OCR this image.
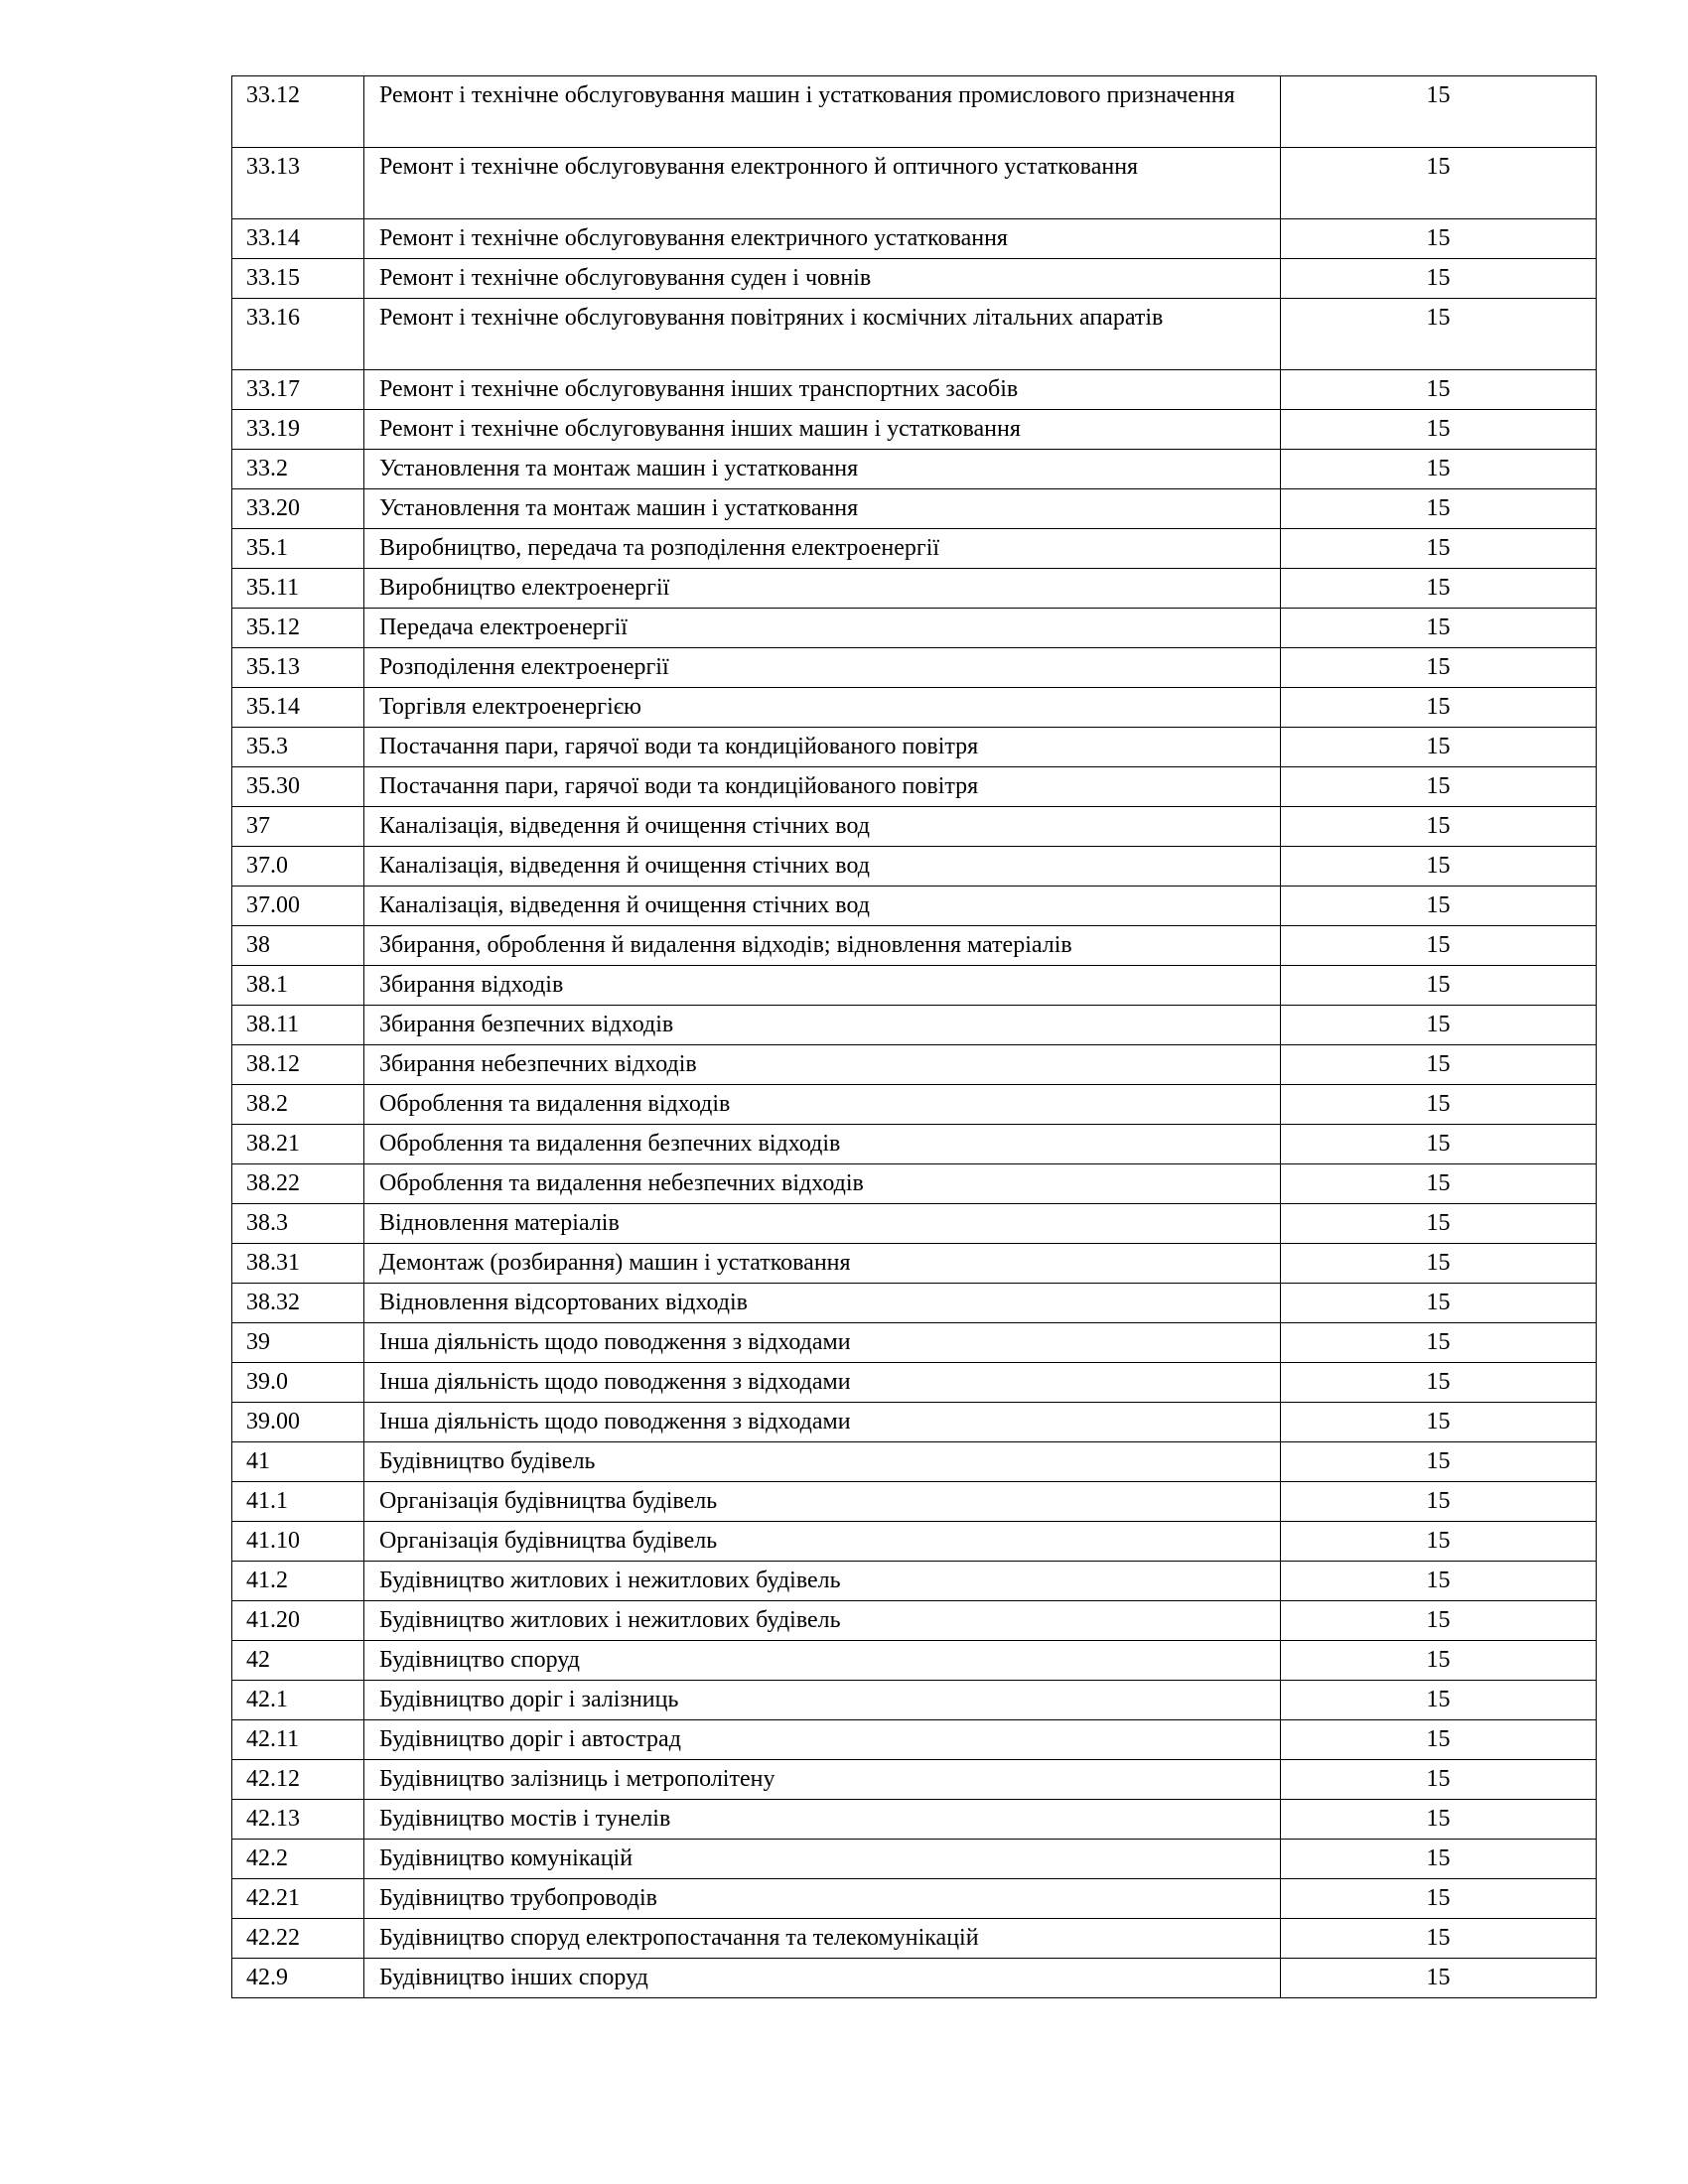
33.12	Ремонт і технічне обслуговування машин і устаткования промислового призначення	15
33.13	Ремонт і технічне обслуговування електронного й оптичного устатковання	15
33.14	Ремонт і технічне обслуговування електричного устатковання	15
33.15	Ремонт і технічне обслуговування суден і човнів	15
33.16	Ремонт і технічне обслуговування повітряних і космічних літальних апаратів	15
33.17	Ремонт і технічне обслуговування інших транспортних засобів	15
33.19	Ремонт і технічне обслуговування інших машин і устатковання	15
33.2	Установлення та монтаж машин і устатковання	15
33.20	Установлення та монтаж машин і устатковання	15
35.1	Виробництво, передача та розподілення електроенергії	15
35.11	Виробництво електроенергії	15
35.12	Передача електроенергії	15
35.13	Розподілення електроенергії	15
35.14	Торгівля електроенергією	15
35.3	Постачання пари, гарячої води та кондиційованого повітря	15
35.30	Постачання пари, гарячої води та кондиційованого повітря	15
37	Каналізація, відведення й очищення стічних вод	15
37.0	Каналізація, відведення й очищення стічних вод	15
37.00	Каналізація, відведення й очищення стічних вод	15
38	Збирання, оброблення й видалення відходів; відновлення матеріалів	15
38.1	Збирання відходів	15
38.11	Збирання безпечних відходів	15
38.12	Збирання небезпечних відходів	15
38.2	Оброблення та видалення відходів	15
38.21	Оброблення та видалення безпечних відходів	15
38.22	Оброблення та видалення небезпечних відходів	15
38.3	Відновлення матеріалів	15
38.31	Демонтаж (розбирання) машин і устатковання	15
38.32	Відновлення відсортованих відходів	15
39	Інша діяльність щодо поводження з відходами	15
39.0	Інша діяльність щодо поводження з відходами	15
39.00	Інша діяльність щодо поводження з відходами	15
41	Будівництво будівель	15
41.1	Організація будівництва будівель	15
41.10	Організація будівництва будівель	15
41.2	Будівництво житлових і нежитлових будівель	15
41.20	Будівництво житлових і нежитлових будівель	15
42	Будівництво споруд	15
42.1	Будівництво доріг і залізниць	15
42.11	Будівництво доріг і автострад	15
42.12	Будівництво залізниць і метрополітену	15
42.13	Будівництво мостів і тунелів	15
42.2	Будівництво комунікацій	15
42.21	Будівництво трубопроводів	15
42.22	Будівництво споруд електропостачання та телекомунікацій	15
42.9	Будівництво інших споруд	15
